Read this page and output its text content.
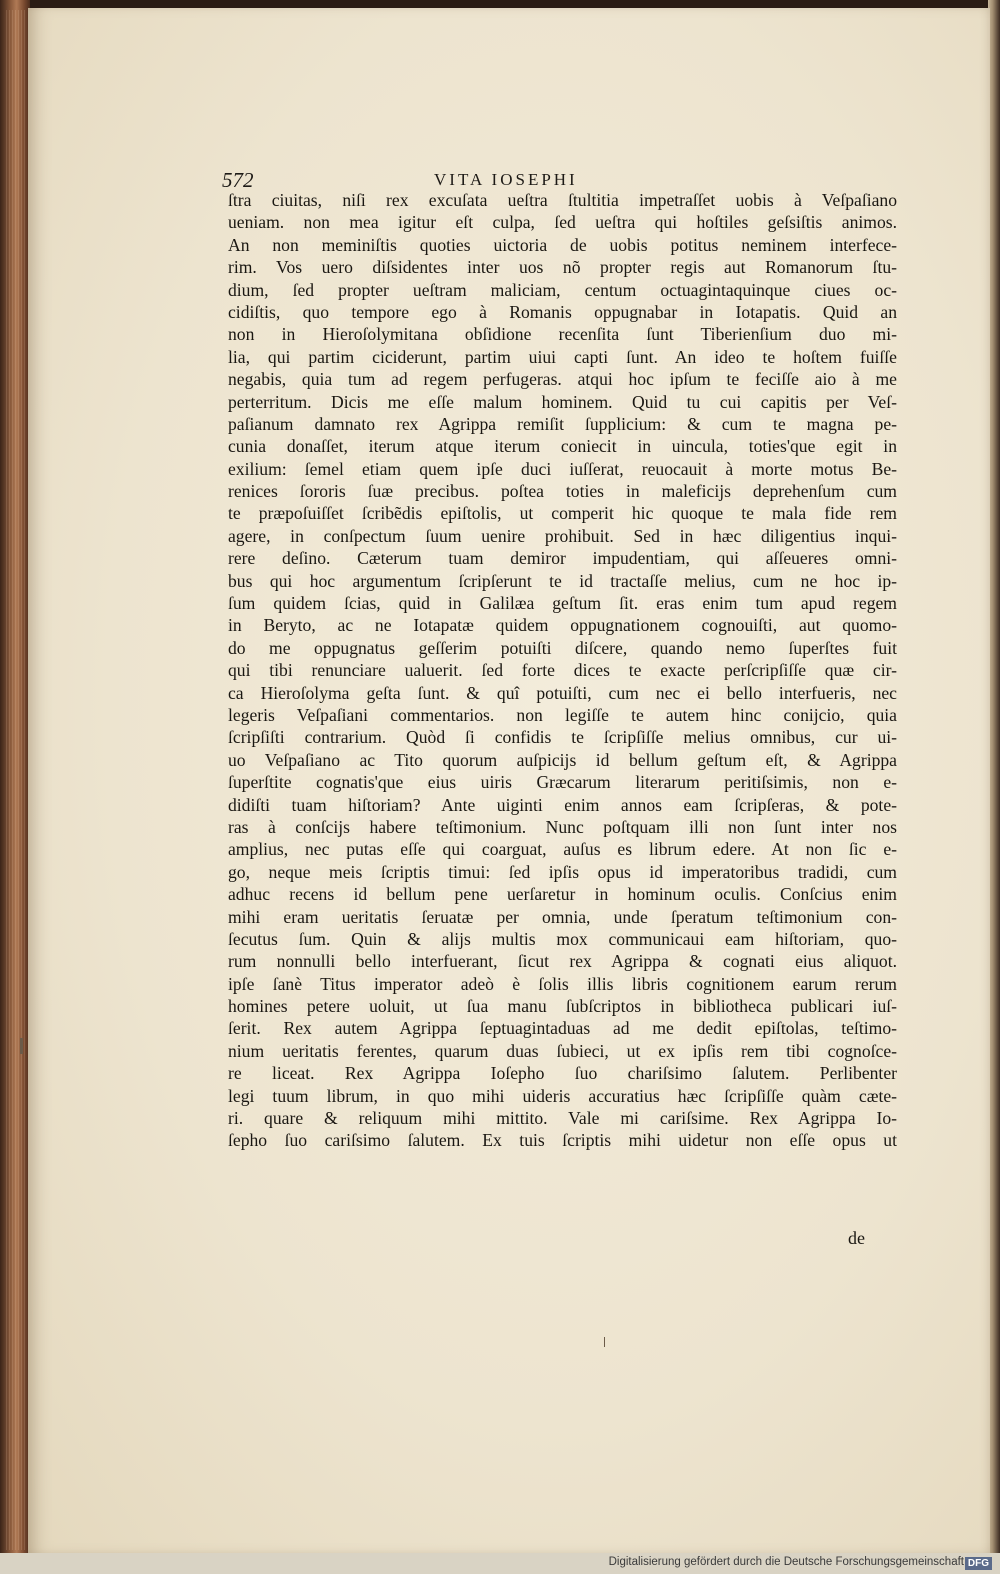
572	VITA IOSEPHI
ſtra ciuitas, niſi rex excuſata ueſtra ſtultitia impetraſſet uobis à Veſpaſiano
ueniam. non mea igitur eſt culpa, ſed ueſtra qui hoſtiles geſsiſtis animos.
An non meminiſtis quoties uictoria de uobis potitus neminem interfece-
rim. Vos uero diſsidentes inter uos nõ propter regis aut Romanorum ſtu-
dium, ſed propter ueſtram maliciam, centum octuagintaquinque ciues oc-
cidiſtis, quo tempore ego à Romanis oppugnabar in Iotapatis. Quid an
non in Hieroſolymitana obſidione recenſita ſunt Tiberienſium duo mi-
lia, qui partim ciciderunt, partim uiui capti ſunt. An ideo te hoſtem fuiſſe
negabis, quia tum ad regem perfugeras. atqui hoc ipſum te feciſſe aio à me
perterritum. Dicis me eſſe malum hominem. Quid tu cui capitis per Veſ-
paſianum damnato rex Agrippa remiſit ſupplicium: & cum te magna pe-
cunia donaſſet, iterum atque iterum coniecit in uincula, toties'que egit in
exilium: ſemel etiam quem ipſe duci iuſſerat, reuocauit à morte motus Be-
renices ſororis ſuæ precibus. poſtea toties in maleficijs deprehenſum cum
te præpoſuiſſet ſcribẽdis epiſtolis, ut comperit hic quoque te mala fide rem
agere, in conſpectum ſuum uenire prohibuit. Sed in hæc diligentius inqui-
rere deſino. Cæterum tuam demiror impudentiam, qui aſſeueres omni-
bus qui hoc argumentum ſcripſerunt te id tractaſſe melius, cum ne hoc ip-
ſum quidem ſcias, quid in Galilæa geſtum ſit. eras enim tum apud regem
in Beryto, ac ne Iotapatæ quidem oppugnationem cognouiſti, aut quomo-
do me oppugnatus geſſerim potuiſti diſcere, quando nemo ſuperſtes fuit
qui tibi renunciare ualuerit. ſed forte dices te exacte perſcripſiſſe quæ cir-
ca Hieroſolyma geſta ſunt. & quî potuiſti, cum nec ei bello interfueris, nec
legeris Veſpaſiani commentarios. non legiſſe te autem hinc conijcio, quia
ſcripſiſti contrarium. Quòd ſi confidis te ſcripſiſſe melius omnibus, cur ui-
uo Veſpaſiano ac Tito quorum auſpicijs id bellum geſtum eſt, & Agrippa
ſuperſtite cognatis'que eius uiris Græcarum literarum peritiſsimis, non e-
didiſti tuam hiſtoriam? Ante uiginti enim annos eam ſcripſeras, & pote-
ras à conſcijs habere teſtimonium. Nunc poſtquam illi non ſunt inter nos
amplius, nec putas eſſe qui coarguat, auſus es librum edere. At non ſic e-
go, neque meis ſcriptis timui: ſed ipſis opus id imperatoribus tradidi, cum
adhuc recens id bellum pene uerſaretur in hominum oculis. Conſcius enim
mihi eram ueritatis ſeruatæ per omnia, unde ſperatum teſtimonium con-
ſecutus ſum. Quin & alijs multis mox communicaui eam hiſtoriam, quo-
rum nonnulli bello interfuerant, ſicut rex Agrippa & cognati eius aliquot.
ipſe ſanè Titus imperator adeò è ſolis illis libris cognitionem earum rerum
homines petere uoluit, ut ſua manu ſubſcriptos in bibliotheca publicari iuſ-
ſerit. Rex autem Agrippa ſeptuagintaduas ad me dedit epiſtolas, teſtimo-
nium ueritatis ferentes, quarum duas ſubieci, ut ex ipſis rem tibi cognoſce-
re liceat. Rex Agrippa Ioſepho ſuo chariſsimo ſalutem. Perlibenter
legi tuum librum, in quo mihi uideris accuratius hæc ſcripſiſſe quàm cæte-
ri. quare & reliquum mihi mittito. Vale mi cariſsime. Rex Agrippa Io-
ſepho ſuo cariſsimo ſalutem. Ex tuis ſcriptis mihi uidetur non eſſe opus ut
de
Digitalisierung gefördert durch die Deutsche Forschungsgemeinschaft DFG
